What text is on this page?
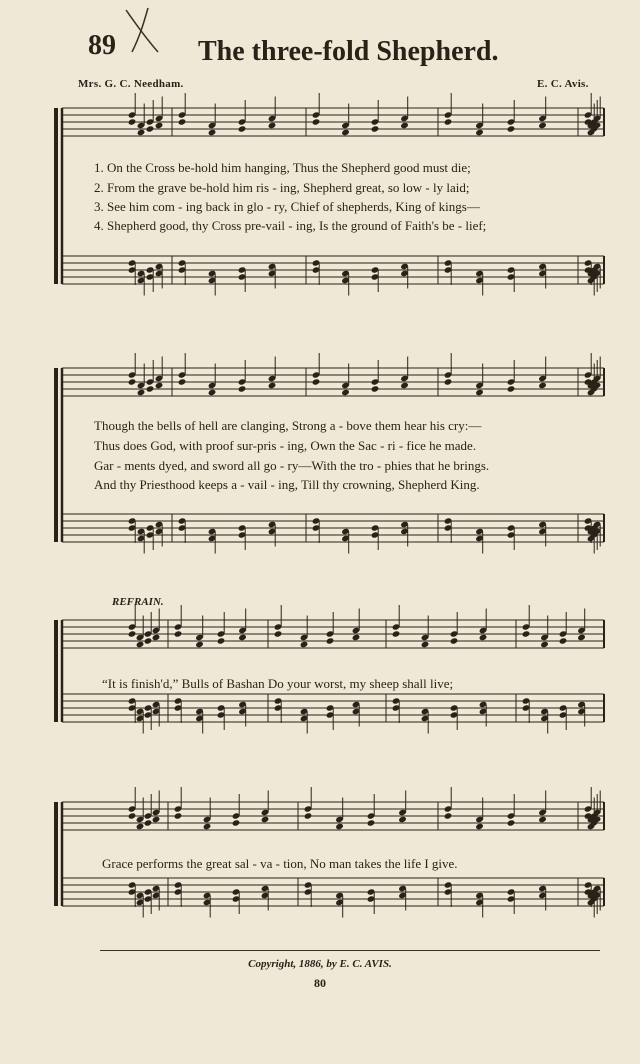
89	The three-fold Shepherd.
Mrs. G. C. Needham.	E. C. Avis.
1. On the Cross be-hold him hanging, Thus the Shepherd good must die;
2. From the grave be-hold him ris - ing, Shepherd great, so low - ly laid;
3. See him com - ing back in glo - ry, Chief of shepherds, King of kings—
4. Shepherd good, thy Cross pre-vail - ing, Is the ground of Faith's be - lief;
Though the bells of hell are clanging, Strong a - bove them hear his cry:—
Thus does God, with proof sur-pris - ing, Own the Sac - ri - fice he made.
Gar - ments dyed, and sword all go - ry—With the tro - phies that he brings.
And thy Priesthood keeps a - vail - ing, Till thy crowning, Shepherd King.
REFRAIN.
“It is finish'd,” Bulls of Bashan Do your worst, my sheep shall live;
Grace performs the great sal - va - tion, No man takes the life I give.
Copyright, 1886, by E. C. AVIS.
80
